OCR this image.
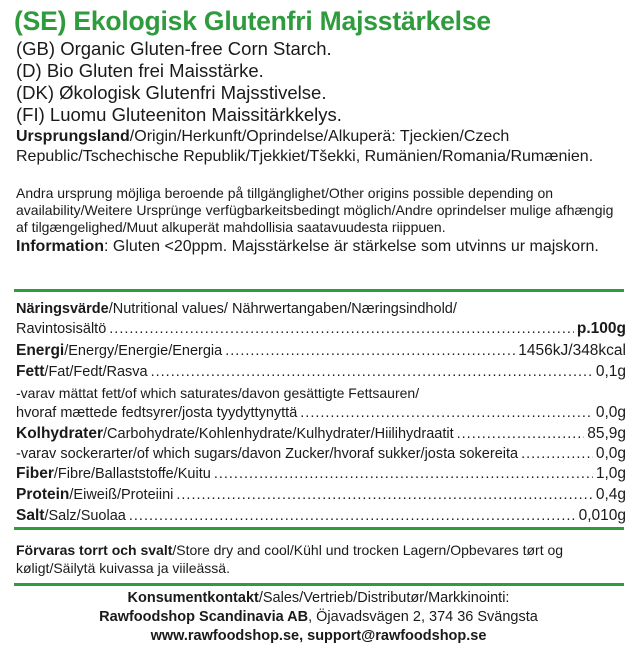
(SE) Ekologisk Glutenfri Majsstärkelse
(GB) Organic Gluten-free Corn Starch.
(D) Bio Gluten frei Maisstärke.
(DK) Økologisk Glutenfri Majsstivelse.
(FI) Luomu Gluteeniton Maissitärkkelys.
Ursprungsland/Origin/Herkunft/Oprindelse/Alkuperä: Tjeckien/Czech Republic/Tschechische Republik/Tjekkiet/Tšekki, Rumänien/Romania/Rumænien.
Andra ursprung möjliga beroende på tillgänglighet/Other origins possible depending on availability/Weitere Ursprünge verfügbarkeitsbedingt möglich/Andre oprindelser mulige afhængig af tilgængelighed/Muut alkuperät mahdollisia saatavuudesta riippuen.
Information: Gluten <20ppm. Majsstärkelse är stärkelse som utvinns ur majskorn.
Näringsvärde/Nutritional values/ Nährwertangaben/Næringsindhold/
Ravintosisältö .....	p.100g
Energi/Energy/Energie/Energia .....	1456kJ/348kcal
Fett/Fat/Fedt/Rasva .....	0,1g
-varav mättat fett/of which saturates/davon gesättigte Fettsauren/
hvoraf mættede fedtsyrer/josta tyydyttynyttä .....	0,0g
Kolhydrater/Carbohydrate/Kohlenhydrate/Kulhydrater/Hiilihydraatit .....	85,9g
-varav sockerarter/of which sugars/davon Zucker/hvoraf sukker/josta sokereita .....	0,0g
Fiber/Fibre/Ballaststoffe/Kuitu .....	1,0g
Protein/Eiweiß/Proteiini .....	0,4g
Salt/Salz/Suolaa .....	0,010g
Förvaras torrt och svalt/Store dry and cool/Kühl und trocken Lagern/Opbevares tørt og køligt/Säilytä kuivassa ja viileässä.
Konsumentkontakt/Sales/Vertrieb/Distributør/Markkinointi:
Rawfoodshop Scandinavia AB, Öjavadsvägen 2, 374 36 Svängsta
www.rawfoodshop.se, support@rawfoodshop.se
